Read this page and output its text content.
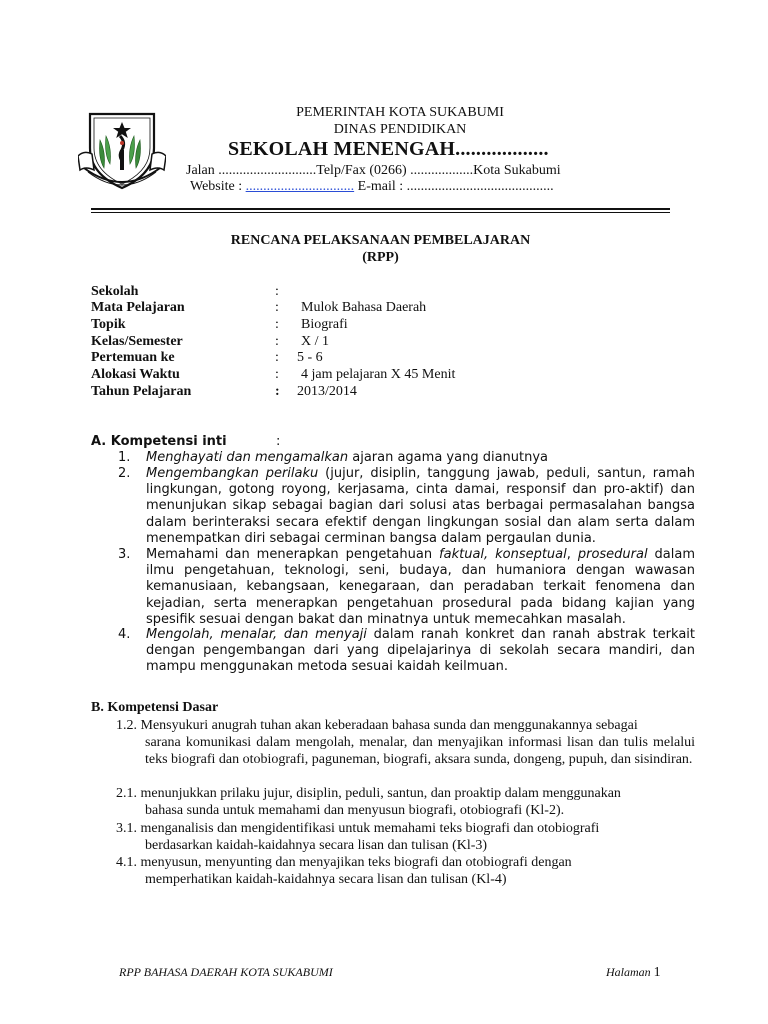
PEMERINTAH KOTA SUKABUMI
DINAS PENDIDIKAN
SEKOLAH MENENGAH..................
Jalan ............................Telp/Fax (0266) ..................Kota Sukabumi
Website : ............................... E-mail : ..........................................
RENCANA PELAKSANAAN PEMBELAJARAN
(RPP)
Sekolah	:
Mata Pelajaran	: Mulok Bahasa Daerah
Topik	: Biografi
Kelas/Semester	: X / 1
Pertemuan ke	: 5 - 6
Alokasi Waktu	: 4 jam pelajaran X 45 Menit
Tahun Pelajaran	: 2013/2014
A. Kompetensi inti	:
1. Menghayati dan mengamalkan ajaran agama yang dianutnya
2. Mengembangkan perilaku (jujur, disiplin, tanggung jawab, peduli, santun, ramah lingkungan, gotong royong, kerjasama, cinta damai, responsif dan pro-aktif) dan menunjukan sikap sebagai bagian dari solusi atas berbagai permasalahan bangsa dalam berinteraksi secara efektif dengan lingkungan sosial dan alam serta dalam menempatkan diri sebagai cerminan bangsa dalam pergaulan dunia.
3. Memahami dan menerapkan pengetahuan faktual, konseptual, prosedural dalam ilmu pengetahuan, teknologi, seni, budaya, dan humaniora dengan wawasan kemanusiaan, kebangsaan, kenegaraan, dan peradaban terkait fenomena dan kejadian, serta menerapkan pengetahuan prosedural pada bidang kajian yang spesifik sesuai dengan bakat dan minatnya untuk memecahkan masalah.
4. Mengolah, menalar, dan menyaji dalam ranah konkret dan ranah abstrak terkait dengan pengembangan dari yang dipelajarinya di sekolah secara mandiri, dan mampu menggunakan metoda sesuai kaidah keilmuan.
B. Kompetensi Dasar
1.2. Mensyukuri anugrah tuhan akan keberadaan bahasa sunda dan menggunakannya sebagai
sarana komunikasi dalam mengolah, menalar, dan menyajikan informasi lisan dan tulis melalui teks biografi dan otobiografi, paguneman, biografi, aksara sunda, dongeng, pupuh, dan sisindiran.
2.1. menunjukkan prilaku jujur, disiplin, peduli, santun, dan proaktip dalam menggunakan
bahasa sunda untuk memahami dan menyusun biografi, otobiografi (Kl-2).
3.1. menganalisis dan mengidentifikasi untuk memahami teks biografi dan otobiografi
berdasarkan kaidah-kaidahnya secara lisan dan tulisan (Kl-3)
4.1. menyusun, menyunting dan menyajikan teks biografi dan otobiografi dengan
memperhatikan kaidah-kaidahnya secara lisan dan tulisan (Kl-4)
RPP BAHASA DAERAH KOTA SUKABUMI	Halaman 1
